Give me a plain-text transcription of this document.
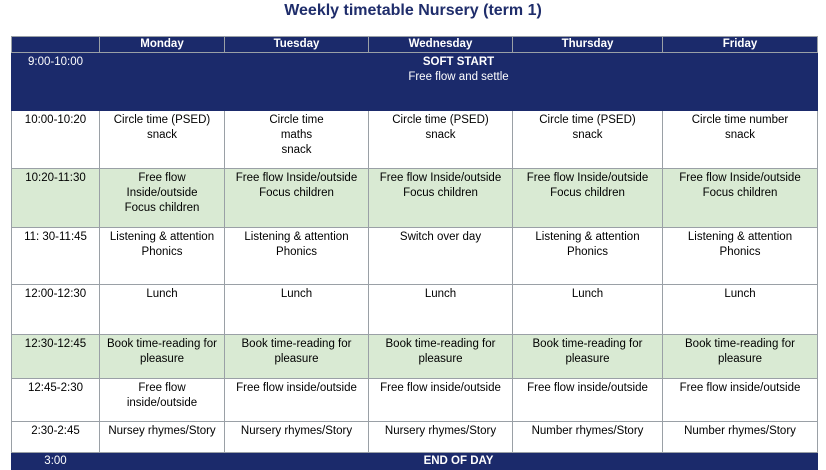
Weekly timetable Nursery (term 1)
	Monday	Tuesday	Wednesday	Thursday	Friday

9:00-10:00	SOFT START
Free flow and settle				

10:00-10:20	Circle time (PSED)
snack	Circle time
maths
snack	Circle time (PSED)
snack	Circle time (PSED)
snack	Circle time number
snack

10:20-11:30	Free flow
Inside/outside
Focus children	Free flow Inside/outside
Focus children	Free flow Inside/outside
Focus children	Free flow Inside/outside
Focus children	Free flow Inside/outside
Focus children

11: 30-11:45	Listening & attention
Phonics	Listening & attention
Phonics	Switch over day	Listening & attention
Phonics	Listening & attention
Phonics

12:00-12:30	Lunch	Lunch	Lunch	Lunch	Lunch

12:30-12:45	Book time-reading for
pleasure	Book time-reading for
pleasure	Book time-reading for
pleasure	Book time-reading for
pleasure	Book time-reading for
pleasure

12:45-2:30	Free flow
inside/outside	Free flow inside/outside	Free flow inside/outside	Free flow inside/outside	Free flow inside/outside

2:30-2:45	Nursey rhymes/Story	Nursery rhymes/Story	Nursery rhymes/Story	Number rhymes/Story	Number rhymes/Story

3:00	END OF DAY				
